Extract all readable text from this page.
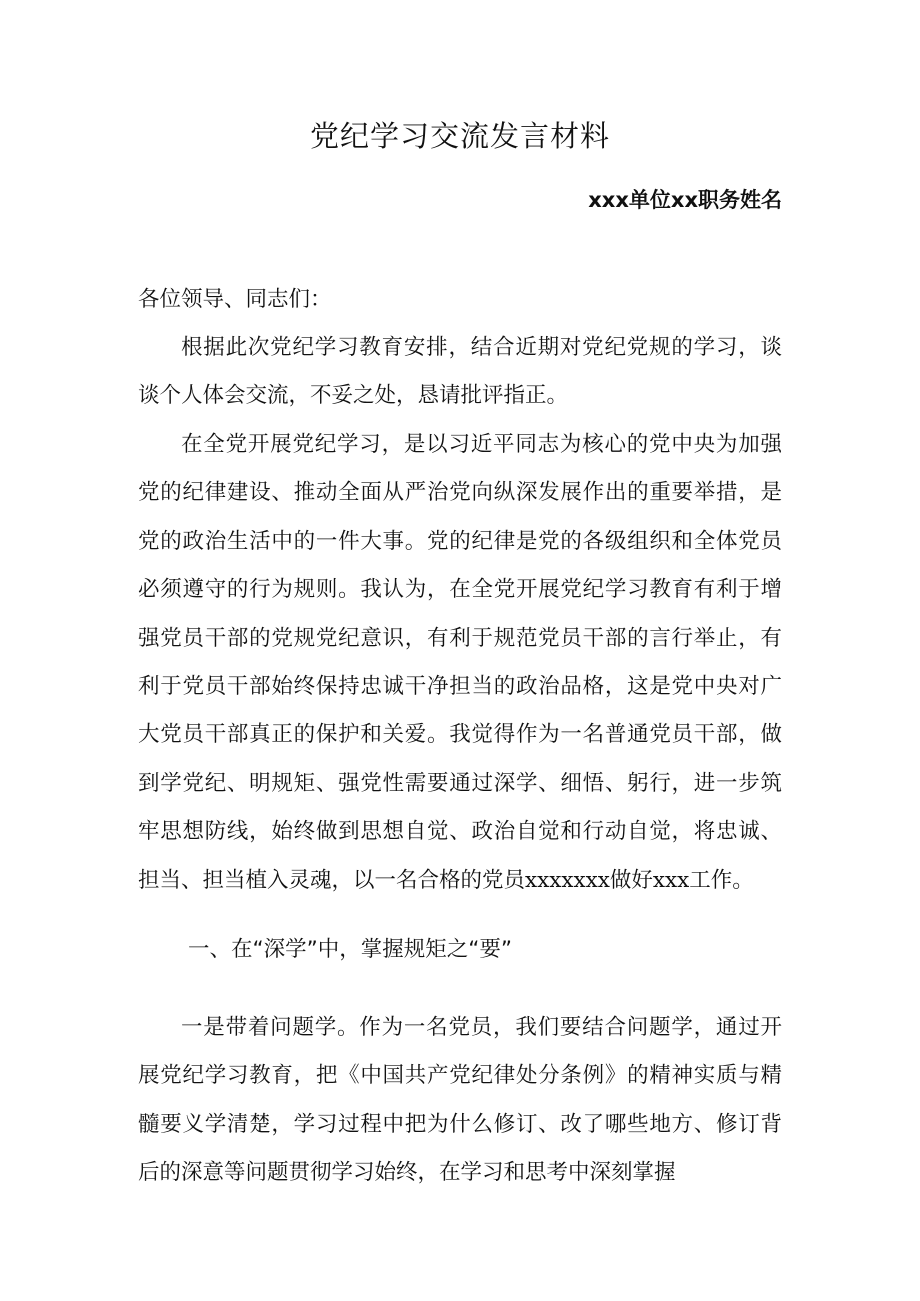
党纪学习交流发言材料
xxx单位xx职务姓名

各位领导、同志们：

根据此次党纪学习教育安排，结合近期对党纪党规的学习，谈谈个人体会交流，不妥之处，恳请批评指正。

在全党开展党纪学习，是以习近平同志为核心的党中央为加强党的纪律建设、推动全面从严治党向纵深发展作出的重要举措，是党的政治生活中的一件大事。党的纪律是党的各级组织和全体党员必须遵守的行为规则。我认为，在全党开展党纪学习教育有利于增强党员干部的党规党纪意识，有利于规范党员干部的言行举止，有利于党员干部始终保持忠诚干净担当的政治品格，这是党中央对广大党员干部真正的保护和关爱。我觉得作为一名普通党员干部，做到学党纪、明规矩、强党性需要通过深学、细悟、躬行，进一步筑牢思想防线，始终做到思想自觉、政治自觉和行动自觉，将忠诚、担当、担当植入灵魂，以一名合格的党员xxxxxxx做好xxx工作。

一、在“深学”中，掌握规矩之“要”

一是带着问题学。作为一名党员，我们要结合问题学，通过开展党纪学习教育，把《中国共产党纪律处分条例》的精神实质与精髓要义学清楚，学习过程中把为什么修订、改了哪些地方、修订背后的深意等问题贯彻学习始终，在学习和思考中深刻掌握
